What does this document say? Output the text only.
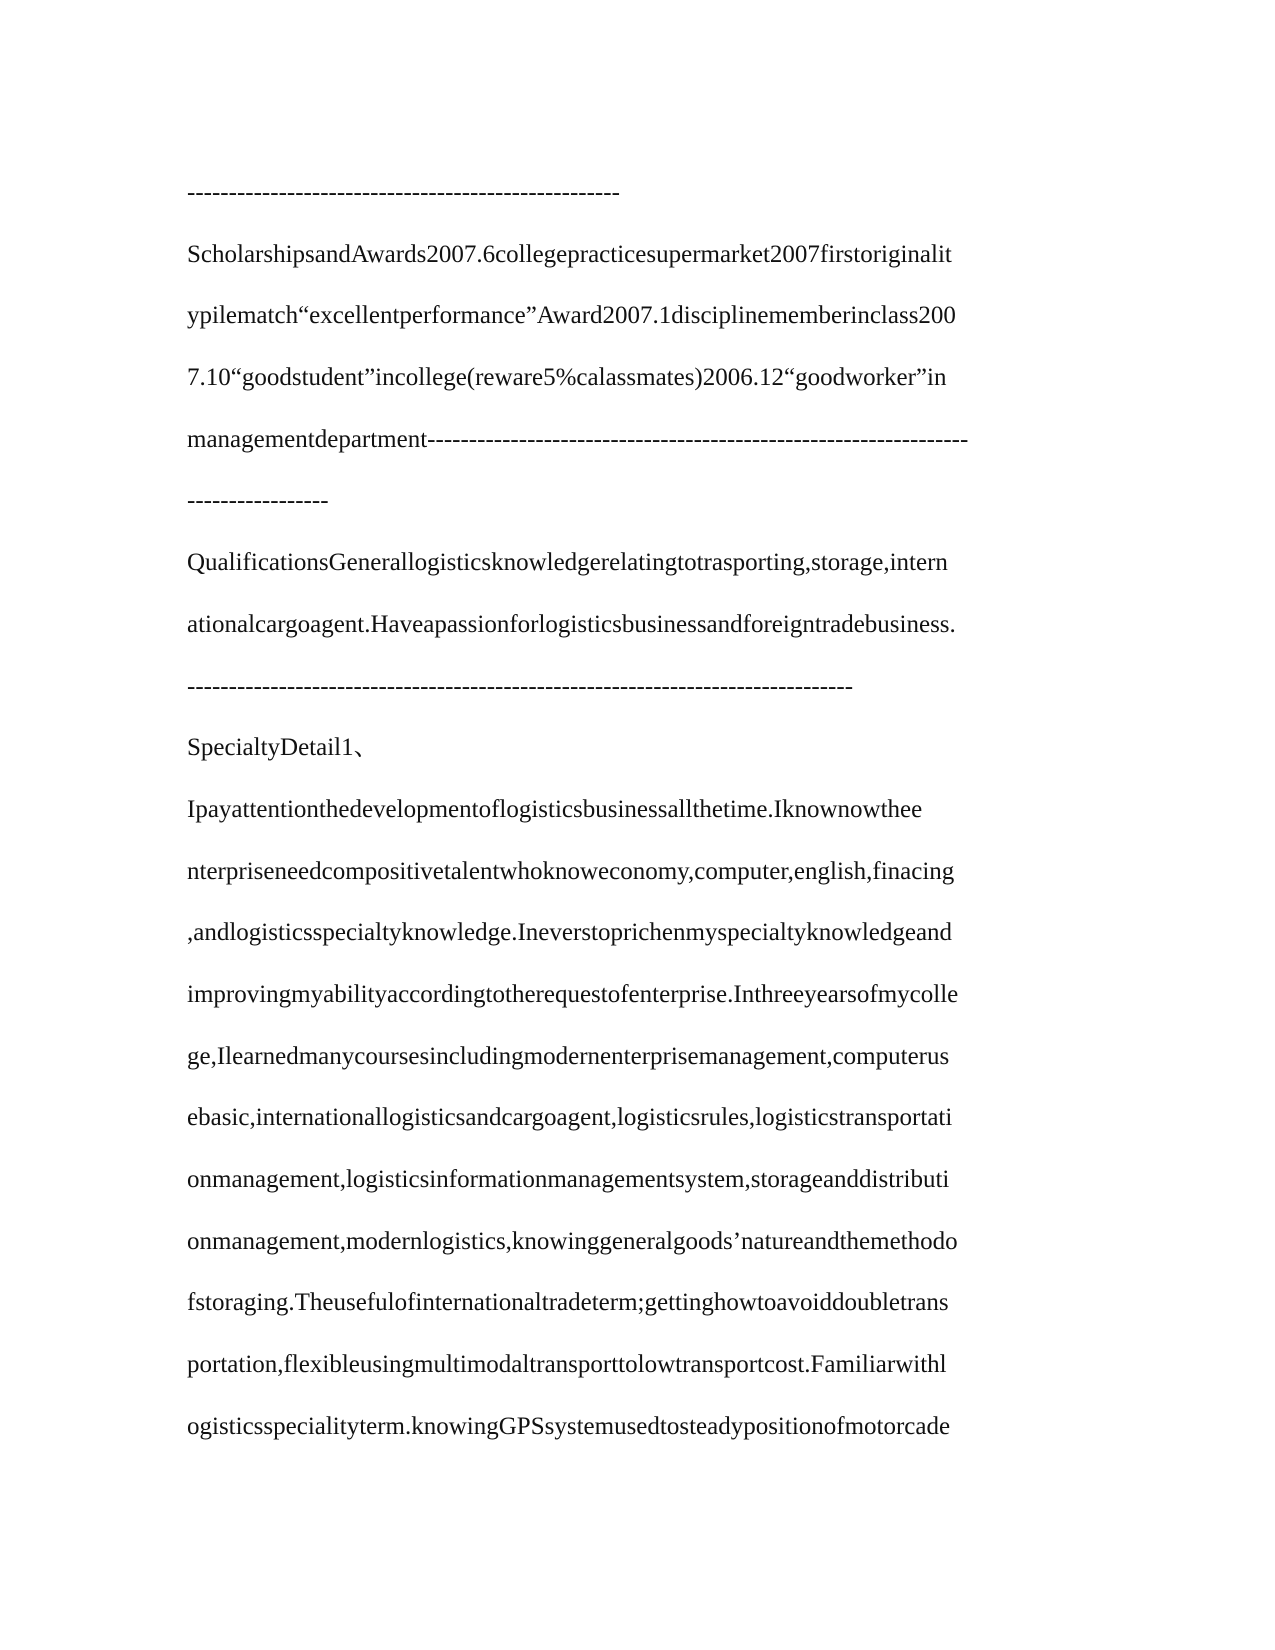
----------------------------------------------------
ScholarshipsandAwards2007.6collegepracticesupermarket2007firstoriginalit
ypilematch“excellentperformance”Award2007.1disciplinememberinclass200
7.10“goodstudent”incollege(reware5%calassmates)2006.12“goodworker”in
managementdepartment-----------------------------------------------------------------
-----------------
QualificationsGenerallogisticsknowledgerelatingtotrasporting,storage,intern
ationalcargoagent.Haveapassionforlogisticsbusinessandforeigntradebusiness.
--------------------------------------------------------------------------------
SpecialtyDetail1、
Ipayattentionthedevelopmentoflogisticsbusinessallthetime.Iknownowthee
nterpriseneedcompositivetalentwhoknoweconomy,computer,english,finacing
,andlogisticsspecialtyknowledge.Ineverstoprichenmyspecialtyknowledgeand
improvingmyabilityaccordingtotherequestofenterprise.Inthreeyearsofmycolle
ge,Ilearnedmanycoursesincludingmodernenterprisemanagement,computerus
ebasic,internationallogisticsandcargoagent,logisticsrules,logisticstransportati
onmanagement,logisticsinformationmanagementsystem,storageanddistributi
onmanagement,modernlogistics,knowinggeneralgoods’natureandthemethodo
fstoraging.Theusefulofinternationaltradeterm;gettinghowtoavoiddoubletrans
portation,flexibleusingmultimodaltransporttolowtransportcost.Familiarwithl
ogisticsspecialityterm.knowingGPSsystemusedtosteadypositionofmotorcade
